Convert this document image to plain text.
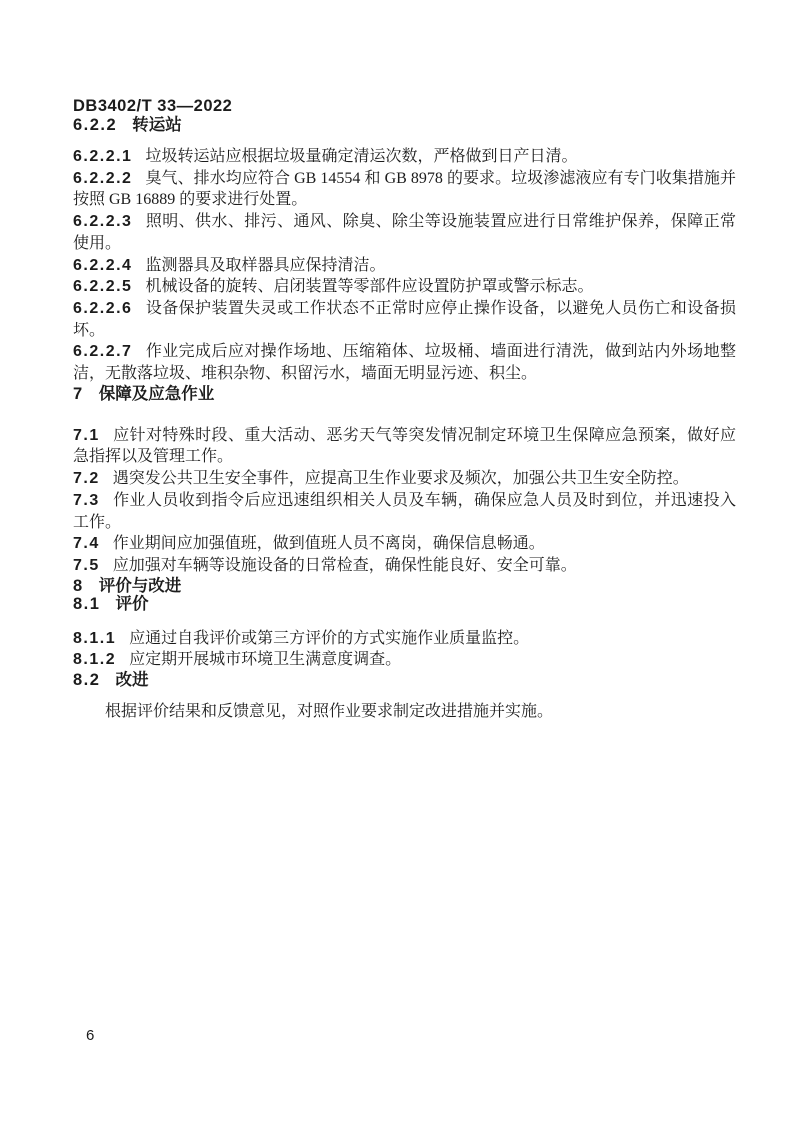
DB3402/T 33—2022
6.2.2 转运站

6.2.2.1 垃圾转运站应根据垃圾量确定清运次数，严格做到日产日清。

6.2.2.2 臭气、排水均应符合 GB 14554 和 GB 8978 的要求。垃圾渗滤液应有专门收集措施并按照 GB 16889 的要求进行处置。

6.2.2.3 照明、供水、排污、通风、除臭、除尘等设施装置应进行日常维护保养，保障正常使用。

6.2.2.4 监测器具及取样器具应保持清洁。

6.2.2.5 机械设备的旋转、启闭装置等零部件应设置防护罩或警示标志。

6.2.2.6 设备保护装置失灵或工作状态不正常时应停止操作设备，以避免人员伤亡和设备损坏。

6.2.2.7 作业完成后应对操作场地、压缩箱体、垃圾桶、墙面进行清洗，做到站内外场地整洁，无散落垃圾、堆积杂物、积留污水，墙面无明显污迹、积尘。

7 保障及应急作业

7.1 应针对特殊时段、重大活动、恶劣天气等突发情况制定环境卫生保障应急预案，做好应急指挥以及管理工作。

7.2 遇突发公共卫生安全事件，应提高卫生作业要求及频次，加强公共卫生安全防控。

7.3 作业人员收到指令后应迅速组织相关人员及车辆，确保应急人员及时到位，并迅速投入工作。

7.4 作业期间应加强值班，做到值班人员不离岗，确保信息畅通。

7.5 应加强对车辆等设施设备的日常检查，确保性能良好、安全可靠。

8 评价与改进
8.1 评价

8.1.1 应通过自我评价或第三方评价的方式实施作业质量监控。

8.1.2 应定期开展城市环境卫生满意度调查。

8.2 改进

根据评价结果和反馈意见，对照作业要求制定改进措施并实施。

6
